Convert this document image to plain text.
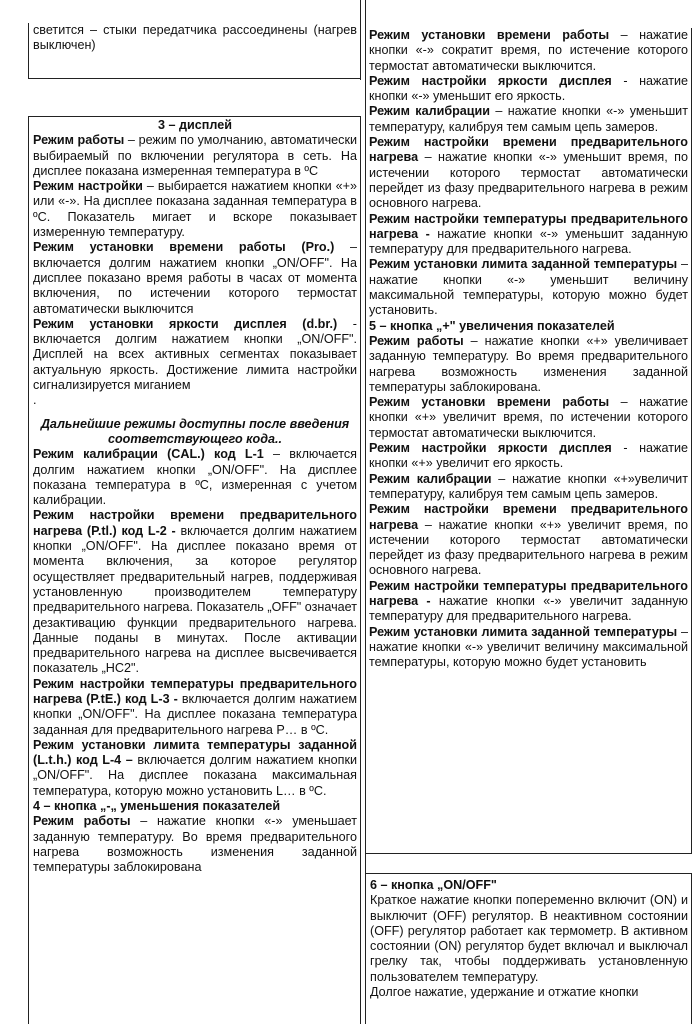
светится – стыки передатчика рассоединены (нагрев выключен)

3 – дисплей

Режим работы – режим по умолчанию, автоматически выбираемый по включении регулятора в сеть. На дисплее показана измеренная температура в ºC

Режим настройки – выбирается нажатием кнопки «+» или «-». На дисплее показана заданная температура в ºC. Показатель мигает и вскоре показывает измеренную температуру.

Режим установки времени работы (Pro.) – включается долгим нажатием кнопки „ON/OFF". На дисплее показано время работы в часах от момента включения, по истечении которого термостат автоматически выключится

Режим установки яркости дисплея (d.br.) - включается долгим нажатием кнопки „ON/OFF". Дисплей на всех активных сегментах показывает актуальную яркость. Достижение лимита настройки сигнализируется миганием

.

Дальнейшие режимы доступны после введения соответствующего кода..

Режим калибрации (CAL.) код L-1 – включается долгим нажатием кнопки „ON/OFF". На дисплее показана температура в ºC, измеренная с учетом калибрации.

Режим настройки времени предварительного нагрева (P.tl.) код L-2 - включается долгим нажатием кнопки „ON/OFF". На дисплее показано время от момента включения, за которое регулятор осуществляет предварительный нагрев, поддерживая установленную производителем температуру предварительного нагрева. Показатель „OFF" означает дезактивацию функции предварительного нагрева. Данные поданы в минутах. После активации предварительного нагрева на дисплее высвечивается показатель „HC2".

Режим настройки температуры предварительного нагрева (P.tE.) код L-3 - включается долгим нажатием кнопки „ON/OFF". На дисплее показана температура заданная для предварительного нагрева P… в ºC.

Режим установки лимита температуры заданной (L.t.h.) код L-4 – включается долгим нажатием кнопки „ON/OFF". На дисплее показана максимальная температура, которую можно установить L… в ºC.

4 – кнопка „-„ уменьшения показателей

Режим работы – нажатие кнопки «-» уменьшает заданную температуру. Во время предварительного нагрева возможность изменения заданной температуры заблокирована

Режим установки времени работы – нажатие кнопки «-» сократит время, по истечение которого термостат автоматически выключится.

Режим настройки яркости дисплея - нажатие кнопки «-» уменьшит его яркость.

Режим калибрации – нажатие кнопки «-» уменьшит температуру, калибруя тем самым цепь замеров.

Режим настройки времени предварительного нагрева – нажатие кнопки «-» уменьшит время, по истечении которого термостат автоматически перейдет из фазу предварительного нагрева в режим основного нагрева.

Режим настройки температуры предварительного нагрева - нажатие кнопки «-» уменьшит заданную температуру для предварительного нагрева.

Режим установки лимита заданной температуры – нажатие кнопки «-» уменьшит величину максимальной температуры, которую можно будет установить.

5 – кнопка „+" увеличения показателей

Режим работы – нажатие кнопки «+» увеличивает заданную температуру. Во время предварительного нагрева возможность изменения заданной температуры заблокирована.

Режим установки времени работы – нажатие кнопки «+» увеличит время, по истечении которого термостат автоматически выключится.

Режим настройки яркости дисплея - нажатие кнопки «+» увеличит его яркость.

Режим калибрации – нажатие кнопки «+»увеличит температуру, калибруя тем самым цепь замеров.

Режим настройки времени предварительного нагрева – нажатие кнопки «+» увеличит время, по истечении которого термостат автоматически перейдет из фазу предварительного нагрева в режим основного нагрева.

Режим настройки температуры предварительного нагрева - нажатие кнопки «-» увеличит заданную температуру для предварительного нагрева.

Режим установки лимита заданной температуры – нажатие кнопки «-» увеличит величину максимальной температуры, которую можно будет установить

6 – кнопка „ON/OFF"

Краткое нажатие кнопки попеременно включит (ON) и выключит (OFF) регулятор. В неактивном состоянии (OFF) регулятор работает как термометр. В активном состоянии (ON) регулятор будет включал и выключал грелку так, чтобы поддерживать установленную пользователем температуру.

Долгое нажатие, удержание и отжатие кнопки
